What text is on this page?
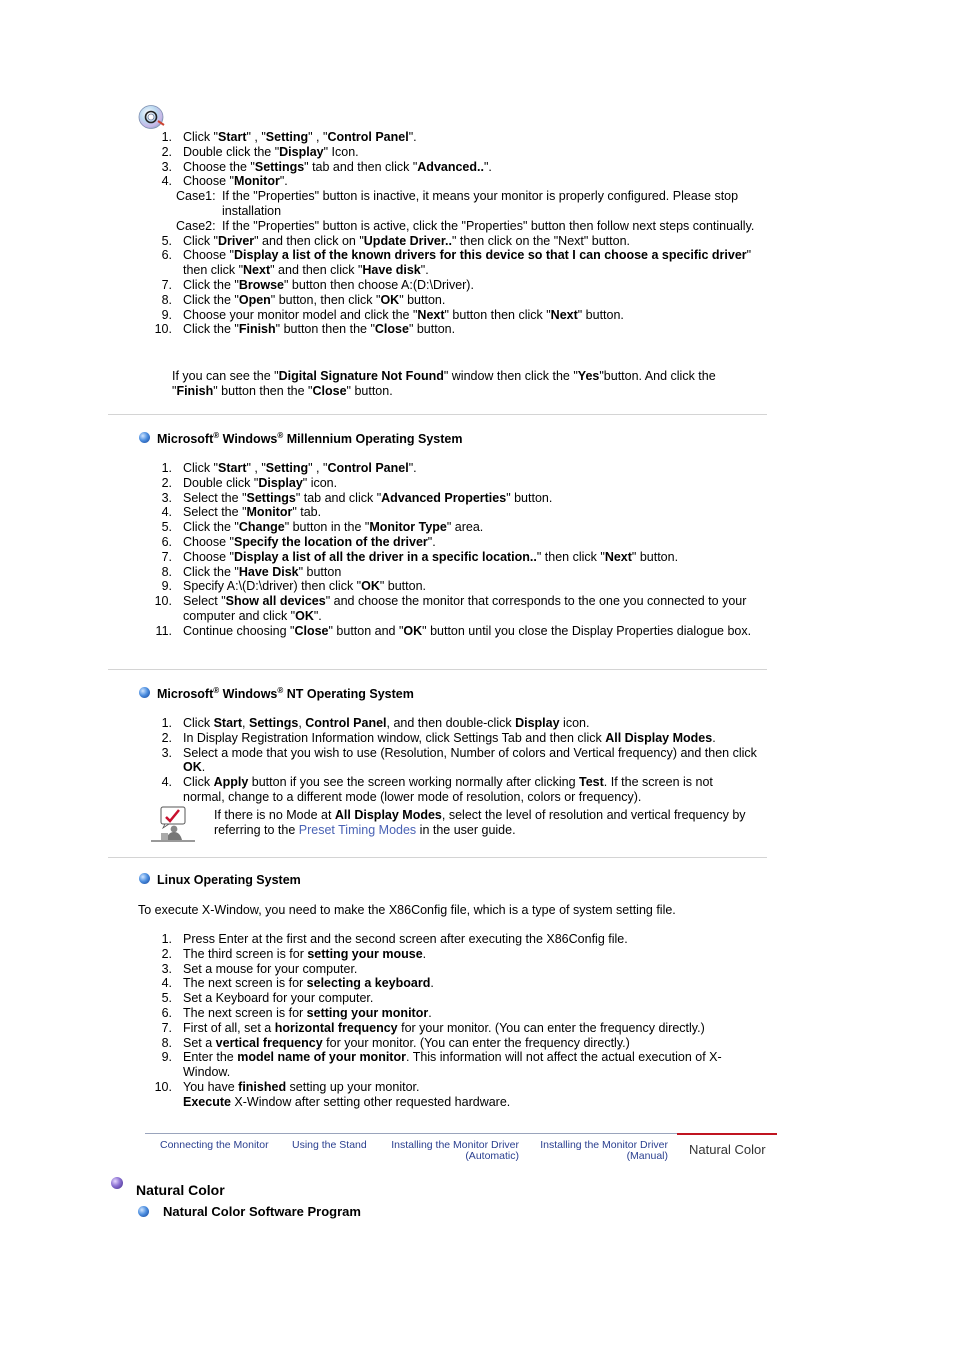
1. Click "Start" , "Setting" , "Control Panel".
2. Double click the "Display" Icon.
3. Choose the "Settings" tab and then click "Advanced..".
4. Choose "Monitor".
Case1: If the "Properties" button is inactive, it means your monitor is properly configured. Please stop installation
Case2: If the "Properties" button is active, click the "Properties" button then follow next steps continually.
5. Click "Driver" and then click on "Update Driver.." then click on the "Next" button.
6. Choose "Display a list of the known drivers for this device so that I can choose a specific driver" then click "Next" and then click "Have disk".
7. Click the "Browse" button then choose A:(D:\Driver).
8. Click the "Open" button, then click "OK" button.
9. Choose your monitor model and click the "Next" button then click "Next" button.
10. Click the "Finish" button then the "Close" button.
If you can see the "Digital Signature Not Found" window then click the "Yes"button. And click the "Finish" button then the "Close" button.
Microsoft® Windows® Millennium Operating System
1. Click "Start" , "Setting" , "Control Panel".
2. Double click "Display" icon.
3. Select the "Settings" tab and click "Advanced Properties" button.
4. Select the "Monitor" tab.
5. Click the "Change" button in the "Monitor Type" area.
6. Choose "Specify the location of the driver".
7. Choose "Display a list of all the driver in a specific location.." then click "Next" button.
8. Click the "Have Disk" button
9. Specify A:\(D:\driver) then click "OK" button.
10. Select "Show all devices" and choose the monitor that corresponds to the one you connected to your computer and click "OK".
11. Continue choosing "Close" button and "OK" button until you close the Display Properties dialogue box.
Microsoft® Windows® NT Operating System
1. Click Start, Settings, Control Panel, and then double-click Display icon.
2. In Display Registration Information window, click Settings Tab and then click All Display Modes.
3. Select a mode that you wish to use (Resolution, Number of colors and Vertical frequency) and then click OK.
4. Click Apply button if you see the screen working normally after clicking Test. If the screen is not normal, change to a different mode (lower mode of resolution, colors or frequency).
If there is no Mode at All Display Modes, select the level of resolution and vertical frequency by referring to the Preset Timing Modes in the user guide.
Linux Operating System
To execute X-Window, you need to make the X86Config file, which is a type of system setting file.
1. Press Enter at the first and the second screen after executing the X86Config file.
2. The third screen is for setting your mouse.
3. Set a mouse for your computer.
4. The next screen is for selecting a keyboard.
5. Set a Keyboard for your computer.
6. The next screen is for setting your monitor.
7. First of all, set a horizontal frequency for your monitor. (You can enter the frequency directly.)
8. Set a vertical frequency for your monitor. (You can enter the frequency directly.)
9. Enter the model name of your monitor. This information will not affect the actual execution of X-Window.
10. You have finished setting up your monitor.
Execute X-Window after setting other requested hardware.
Connecting the Monitor Using the Stand Installing the Monitor Driver
(Automatic)
Installing the Monitor Driver
(Manual) Natural Color
Natural Color
Natural Color Software Program
